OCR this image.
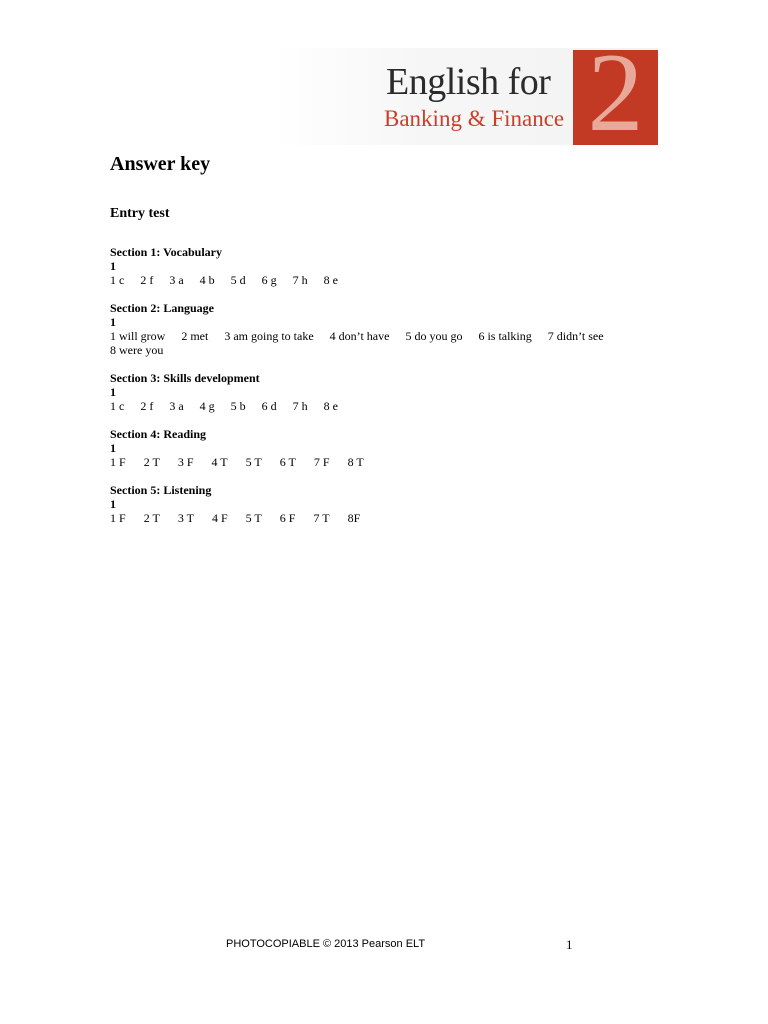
English for
Banking & Finance 2
Answer key
Entry test
Section 1: Vocabulary
1
1 c 2 f 3 a 4 b 5 d 6 g 7 h 8 e
Section 2: Language
1
1 will grow 2 met 3 am going to take 4 don’t have 5 do you go 6 is talking 7 didn’t see
8 were you
Section 3: Skills development
1
1 c 2 f 3 a 4 g 5 b 6 d 7 h 8 e
Section 4: Reading
1
1 F 2 T 3 F 4 T 5 T 6 T 7 F 8 T
Section 5: Listening
1
1 F 2 T 3 T 4 F 5 T 6 F 7 T 8F
PHOTOCOPIABLE © 2013 Pearson ELT	1
